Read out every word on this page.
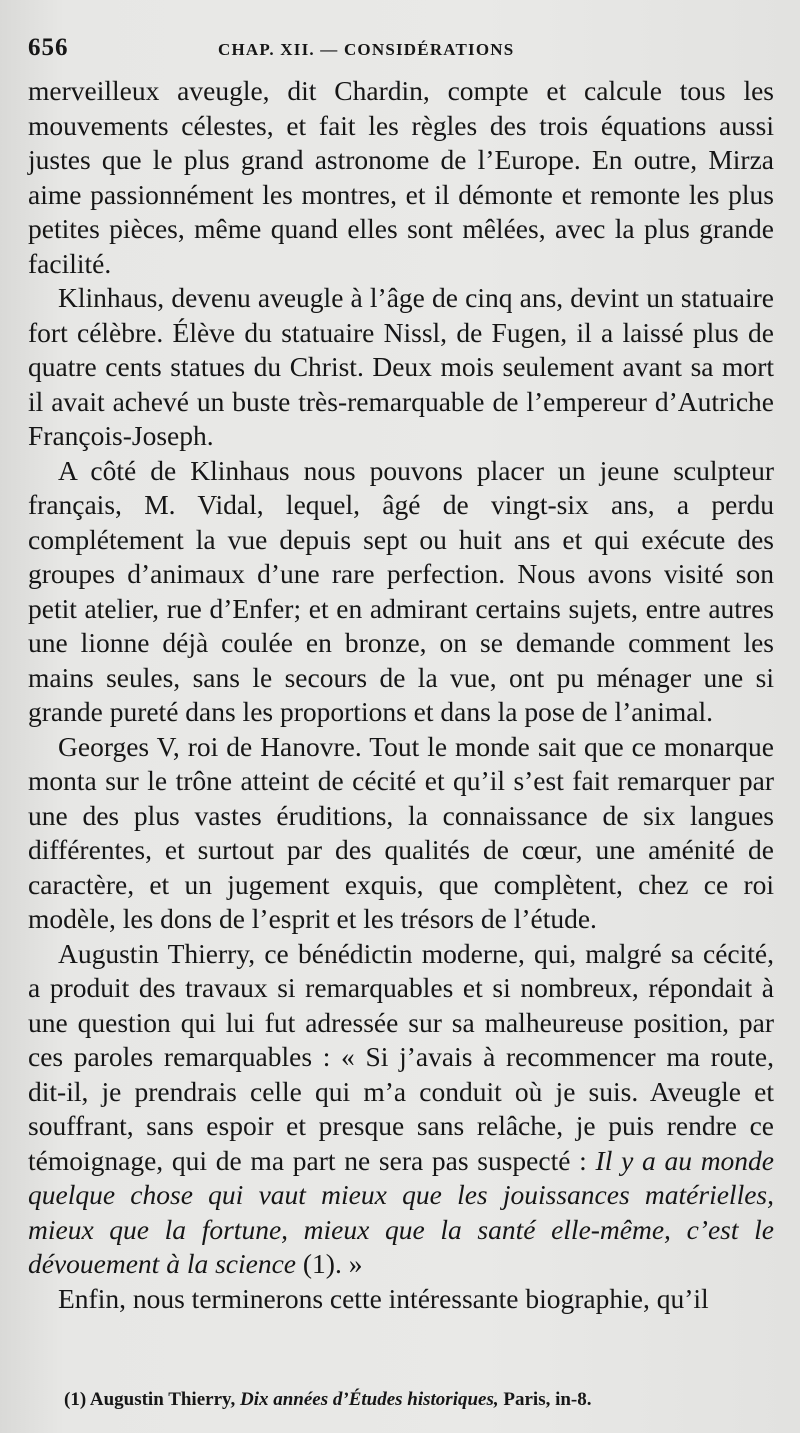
656	CHAP. XII. — CONSIDÉRATIONS

merveilleux aveugle, dit Chardin, compte et calcule tous les mouvements célestes, et fait les règles des trois équations aussi justes que le plus grand astronome de l’Europe. En outre, Mirza aime passionnément les montres, et il démonte et remonte les plus petites pièces, même quand elles sont mêlées, avec la plus grande facilité.

Klinhaus, devenu aveugle à l’âge de cinq ans, devint un statuaire fort célèbre. Élève du statuaire Nissl, de Fugen, il a laissé plus de quatre cents statues du Christ. Deux mois seulement avant sa mort il avait achevé un buste très-remarquable de l’empereur d’Autriche François-Joseph.

A côté de Klinhaus nous pouvons placer un jeune sculpteur français, M. Vidal, lequel, âgé de vingt-six ans, a perdu complétement la vue depuis sept ou huit ans et qui exécute des groupes d’animaux d’une rare perfection. Nous avons visité son petit atelier, rue d’Enfer; et en admirant certains sujets, entre autres une lionne déjà coulée en bronze, on se demande comment les mains seules, sans le secours de la vue, ont pu ménager une si grande pureté dans les proportions et dans la pose de l’animal.

Georges V, roi de Hanovre. Tout le monde sait que ce monarque monta sur le trône atteint de cécité et qu’il s’est fait remarquer par une des plus vastes éruditions, la connaissance de six langues différentes, et surtout par des qualités de cœur, une aménité de caractère, et un jugement exquis, que complètent, chez ce roi modèle, les dons de l’esprit et les trésors de l’étude.

Augustin Thierry, ce bénédictin moderne, qui, malgré sa cécité, a produit des travaux si remarquables et si nombreux, répondait à une question qui lui fut adressée sur sa malheureuse position, par ces paroles remarquables : « Si j’avais à recommencer ma route, dit-il, je prendrais celle qui m’a conduit où je suis. Aveugle et souffrant, sans espoir et presque sans relâche, je puis rendre ce témoignage, qui de ma part ne sera pas suspecté : Il y a au monde quelque chose qui vaut mieux que les jouissances matérielles, mieux que la fortune, mieux que la santé elle-même, c’est le dévouement à la science (1). »

Enfin, nous terminerons cette intéressante biographie, qu’il

(1) Augustin Thierry, Dix années d’Études historiques, Paris, in-8.
